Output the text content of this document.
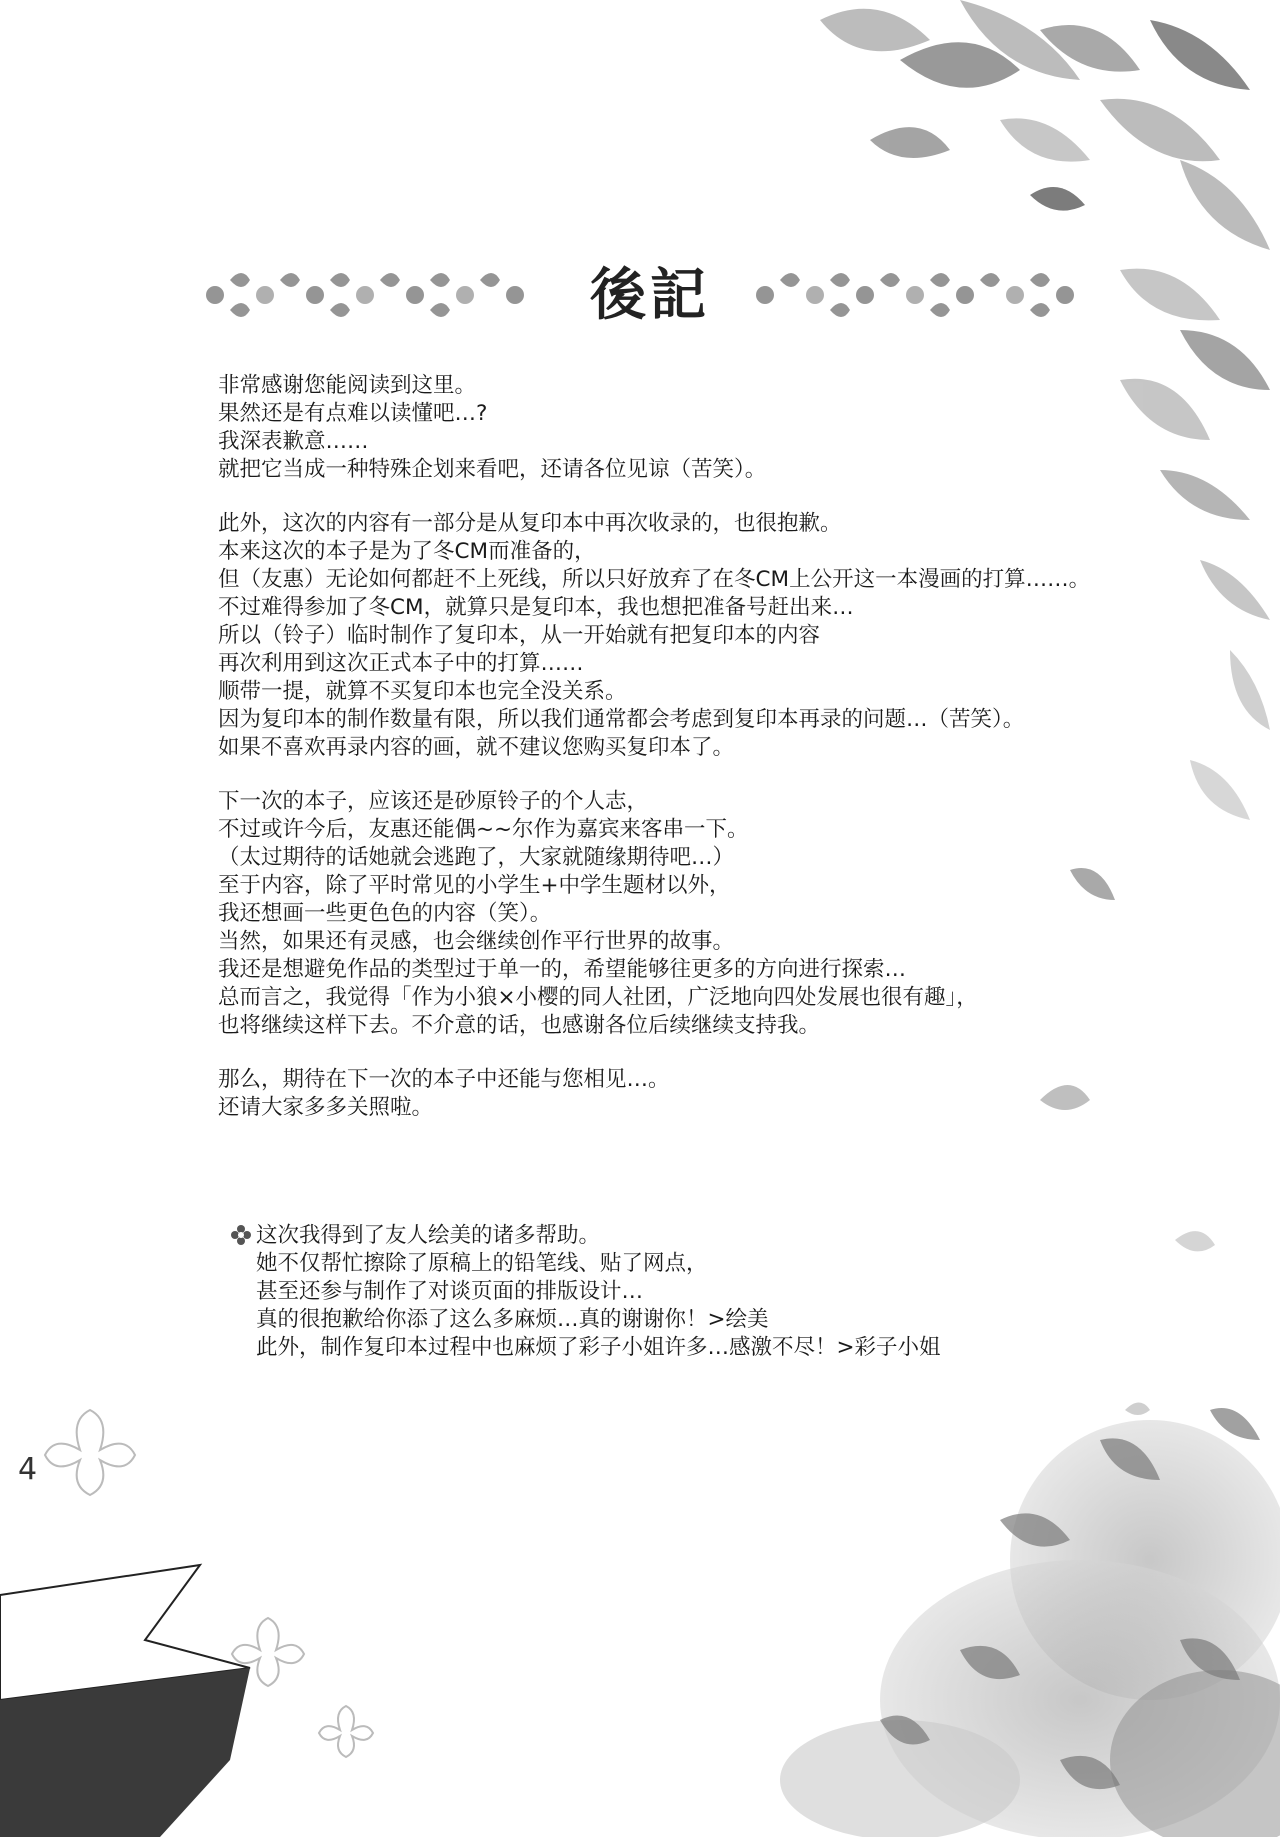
後記
非常感谢您能阅读到这里。
果然还是有点难以读懂吧…?
我深表歉意……
就把它当成一种特殊企划来看吧，还请各位见谅（苦笑）。
此外，这次的内容有一部分是从复印本中再次收录的，也很抱歉。
本来这次的本子是为了冬CM而准备的，
但（友惠）无论如何都赶不上死线，所以只好放弃了在冬CM上公开这一本漫画的打算……。
不过难得参加了冬CM，就算只是复印本，我也想把准备号赶出来…
所以（铃子）临时制作了复印本，从一开始就有把复印本的内容
再次利用到这次正式本子中的打算……
顺带一提，就算不买复印本也完全没关系。
因为复印本的制作数量有限，所以我们通常都会考虑到复印本再录的问题…（苦笑）。
如果不喜欢再录内容的画，就不建议您购买复印本了。
下一次的本子，应该还是砂原铃子的个人志，
不过或许今后，友惠还能偶~~尔作为嘉宾来客串一下。
（太过期待的话她就会逃跑了，大家就随缘期待吧…）
至于内容，除了平时常见的小学生+中学生题材以外，
我还想画一些更色色的内容（笑）。
当然，如果还有灵感，也会继续创作平行世界的故事。
我还是想避免作品的类型过于单一的，希望能够往更多的方向进行探索…
总而言之，我觉得「作为小狼×小樱的同人社团，广泛地向四处发展也很有趣」，
也将继续这样下去。不介意的话，也感谢各位后续继续支持我。
那么，期待在下一次的本子中还能与您相见…。
还请大家多多关照啦。
这次我得到了友人绘美的诸多帮助。
她不仅帮忙擦除了原稿上的铅笔线、贴了网点，
甚至还参与制作了对谈页面的排版设计…
真的很抱歉给你添了这么多麻烦…真的谢谢你！>绘美
此外，制作复印本过程中也麻烦了彩子小姐许多…感激不尽！>彩子小姐
4
